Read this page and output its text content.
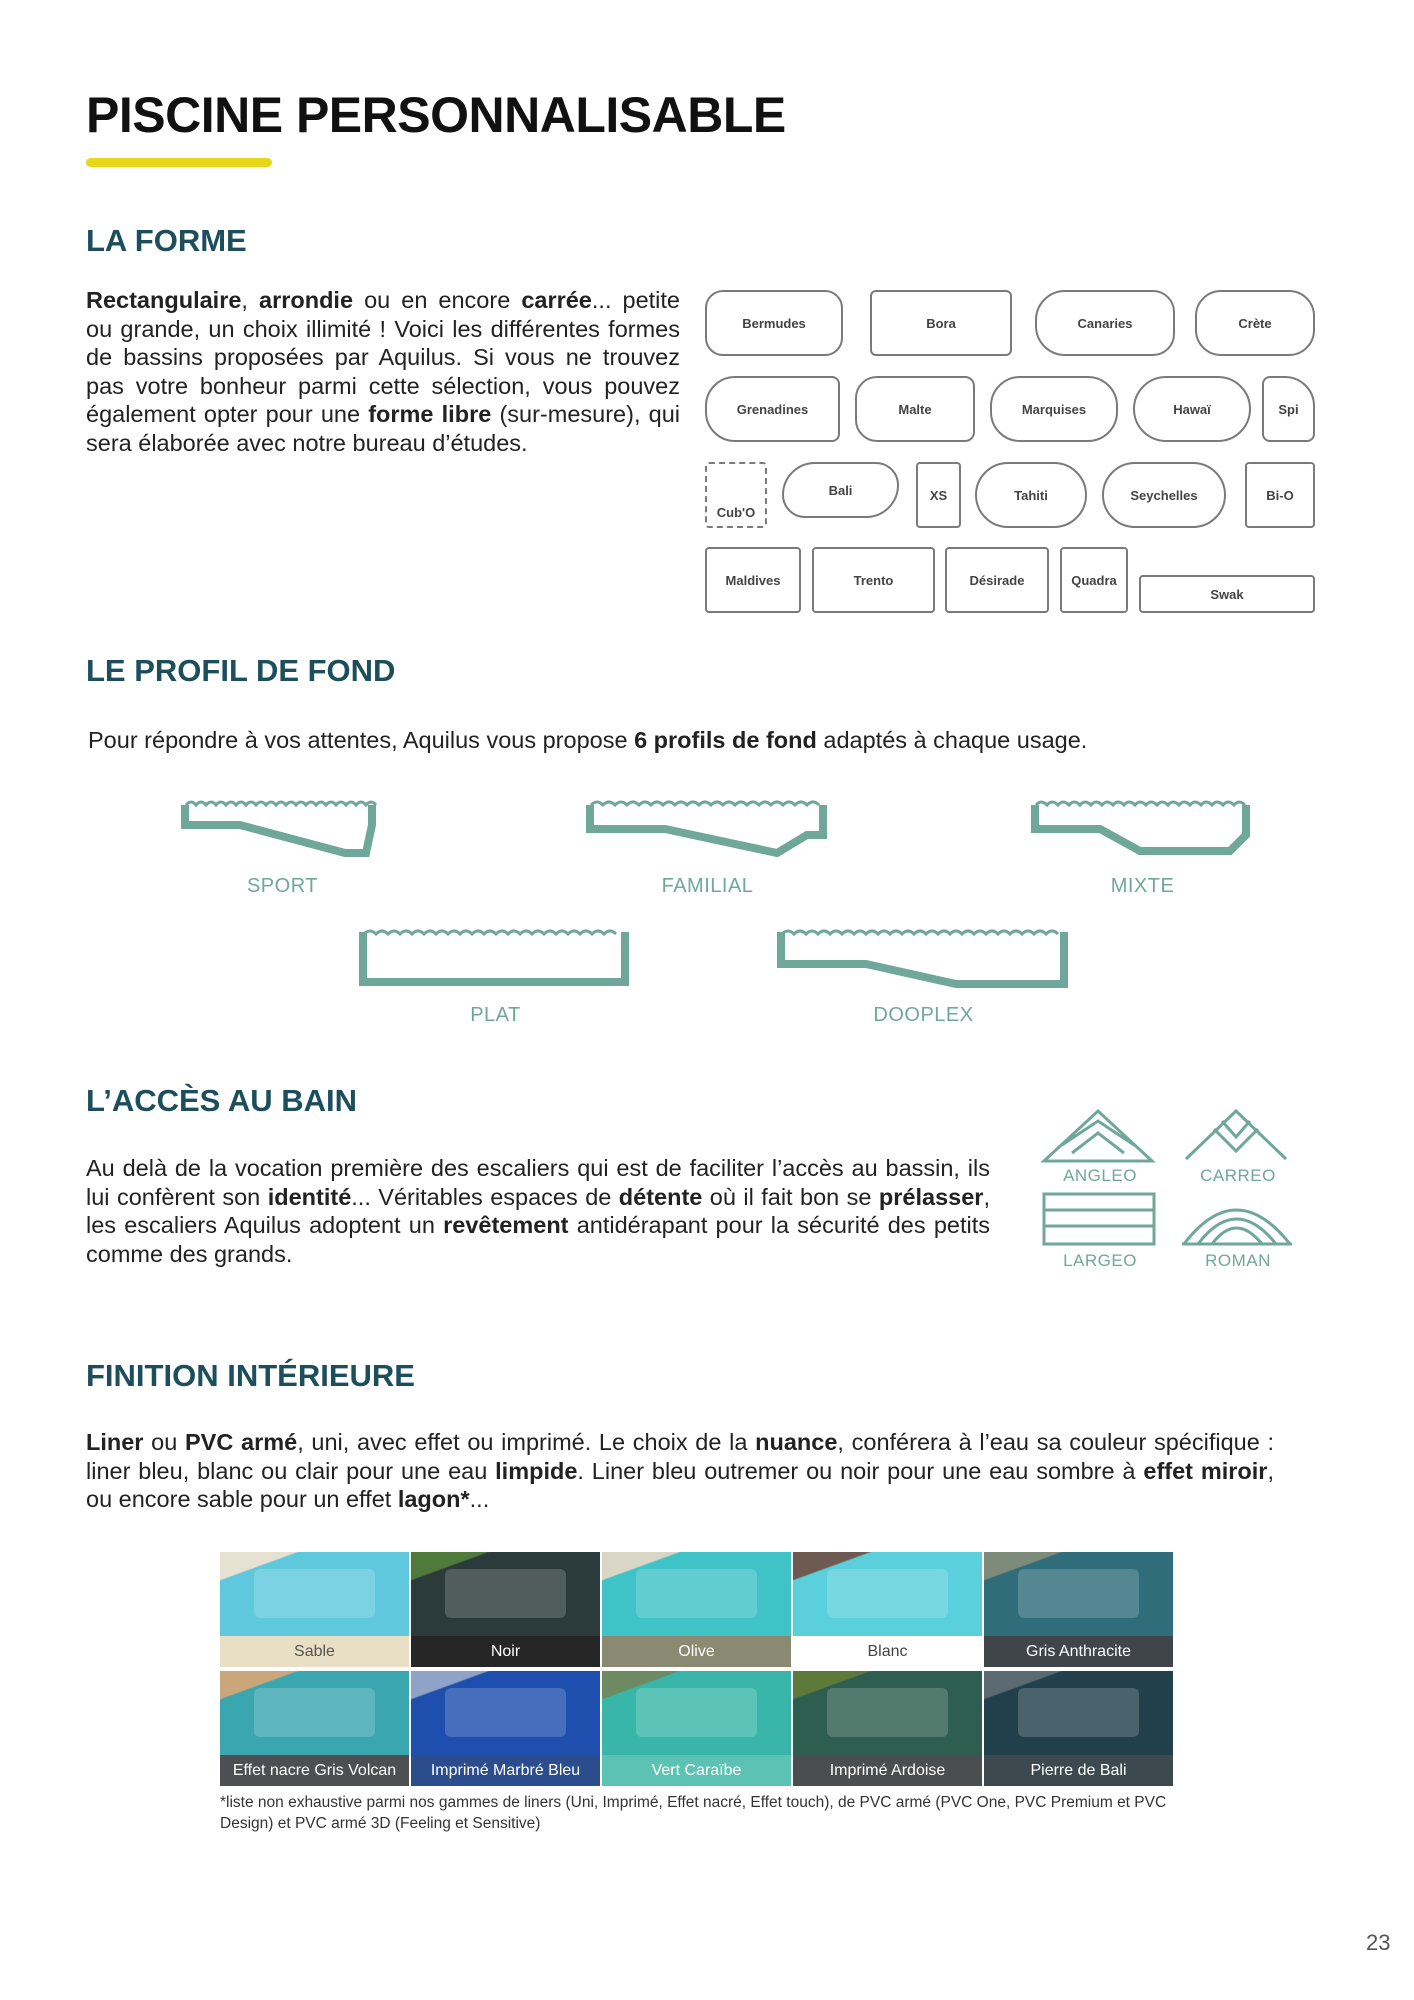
PISCINE PERSONNALISABLE
LA FORME

Rectangulaire, arrondie ou en encore carrée... petite ou grande, un choix illimité ! Voici les différentes formes de bassins proposées par Aquilus. Si vous ne trouvez pas votre bonheur parmi cette sélection, vous pouvez également opter pour une forme libre (sur-mesure), qui sera élaborée avec notre bureau d’études.

Bermudes	Bora	Canaries	Crète
Grenadines	Malte	Marquises	Hawaï	Spi
Cub'O
Bali	XS	Tahiti	Seychelles	Bi-O
Maldives	Trento	Désirade	Quadra
Swak
LE PROFIL DE FOND

Pour répondre à vos attentes, Aquilus vous propose 6 profils de fond adaptés à chaque usage.

SPORT	FAMILIAL	MIXTE
PLAT	DOOPLEX
L’ACCÈS AU BAIN

Au delà de la vocation première des escaliers qui est de faciliter l’accès au bassin, ils lui confèrent son identité... Véritables espaces de détente où il fait bon se prélasser, les escaliers Aquilus adoptent un revêtement antidérapant pour la sécurité des petits comme des grands.

ANGLEO	CARREO
LARGEO	ROMAN
FINITION INTÉRIEURE

Liner ou PVC armé, uni, avec effet ou imprimé. Le choix de la nuance, conférera à l’eau sa couleur spécifique : liner bleu, blanc ou clair pour une eau limpide. Liner bleu outremer ou noir pour une eau sombre à effet miroir, ou encore sable pour un effet lagon*...

Sable	Noir	Olive	Blanc	Gris Anthracite
Effet nacre Gris Volcan	Imprimé Marbré Bleu	Vert Caraïbe	Imprimé Ardoise	Pierre de Bali

*liste non exhaustive parmi nos gammes de liners (Uni, Imprimé, Effet nacré, Effet touch), de PVC armé (PVC One, PVC Premium et PVC Design) et PVC armé 3D (Feeling et Sensitive)

23
